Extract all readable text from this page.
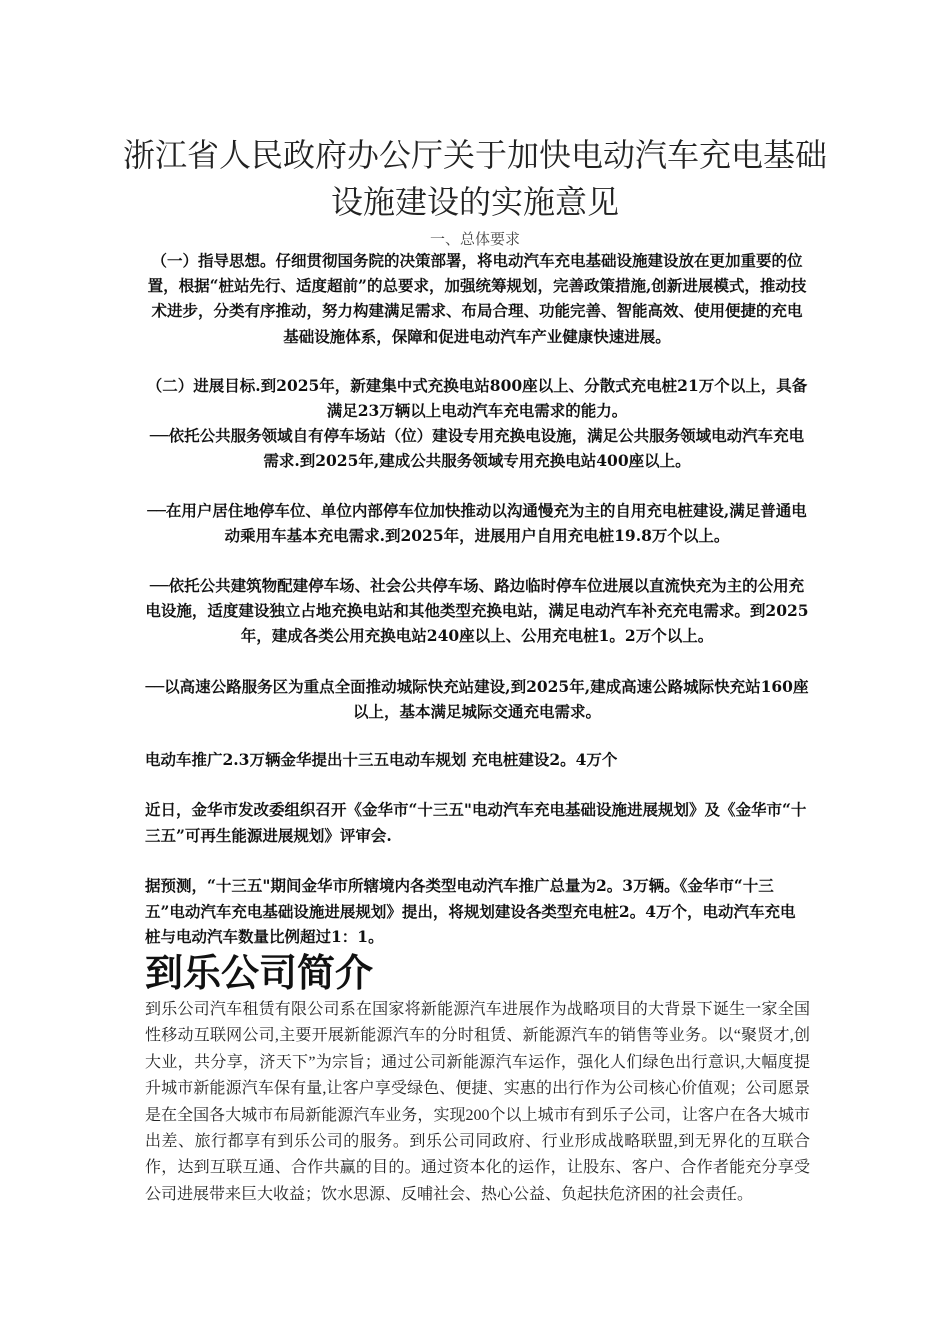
浙江省人民政府办公厅关于加快电动汽车充电基础设施建设的实施意见
一、总体要求
（一）指导思想。仔细贯彻国务院的决策部署，将电动汽车充电基础设施建设放在更加重要的位置，根据“桩站先行、适度超前”的总要求，加强统筹规划，完善政策措施,创新进展模式，推动技术进步，分类有序推动，努力构建满足需求、布局合理、功能完善、智能高效、使用便捷的充电基础设施体系，保障和促进电动汽车产业健康快速进展。
（二）进展目标.到2025年，新建集中式充换电站800座以上、分散式充电桩21万个以上，具备满足23万辆以上电动汽车充电需求的能力。
──依托公共服务领域自有停车场站（位）建设专用充换电设施，满足公共服务领域电动汽车充电需求.到2025年,建成公共服务领域专用充换电站400座以上。
──在用户居住地停车位、单位内部停车位加快推动以沟通慢充为主的自用充电桩建设,满足普通电动乘用车基本充电需求.到2025年，进展用户自用充电桩19.8万个以上。
──依托公共建筑物配建停车场、社会公共停车场、路边临时停车位进展以直流快充为主的公用充电设施，适度建设独立占地充换电站和其他类型充换电站，满足电动汽车补充充电需求。到2025年，建成各类公用充换电站240座以上、公用充电桩1。2万个以上。
──以高速公路服务区为重点全面推动城际快充站建设,到2025年,建成高速公路城际快充站160座以上，基本满足城际交通充电需求。
电动车推广2.3万辆金华提出十三五电动车规划 充电桩建设2。4万个
近日，金华市发改委组织召开《金华市“十三五"电动汽车充电基础设施进展规划》及《金华市“十三五”可再生能源进展规划》评审会.
据预测，“十三五"期间金华市所辖境内各类型电动汽车推广总量为2。3万辆。《金华市“十三五”电动汽车充电基础设施进展规划》提出，将规划建设各类型充电桩2。4万个，电动汽车充电桩与电动汽车数量比例超过1：1。
到乐公司简介
到乐公司汽车租赁有限公司系在国家将新能源汽车进展作为战略项目的大背景下诞生一家全国性移动互联网公司,主要开展新能源汽车的分时租赁、新能源汽车的销售等业务。以“聚贤才,创大业，共分享，济天下”为宗旨；通过公司新能源汽车运作，强化人们绿色出行意识,大幅度提升城市新能源汽车保有量,让客户享受绿色、便捷、实惠的出行作为公司核心价值观；公司愿景是在全国各大城市布局新能源汽车业务，实现200个以上城市有到乐子公司，让客户在各大城市出差、旅行都享有到乐公司的服务。到乐公司同政府、行业形成战略联盟,到无界化的互联合作，达到互联互通、合作共赢的目的。通过资本化的运作，让股东、客户、合作者能充分享受公司进展带来巨大收益；饮水思源、反哺社会、热心公益、负起扶危济困的社会责任。
